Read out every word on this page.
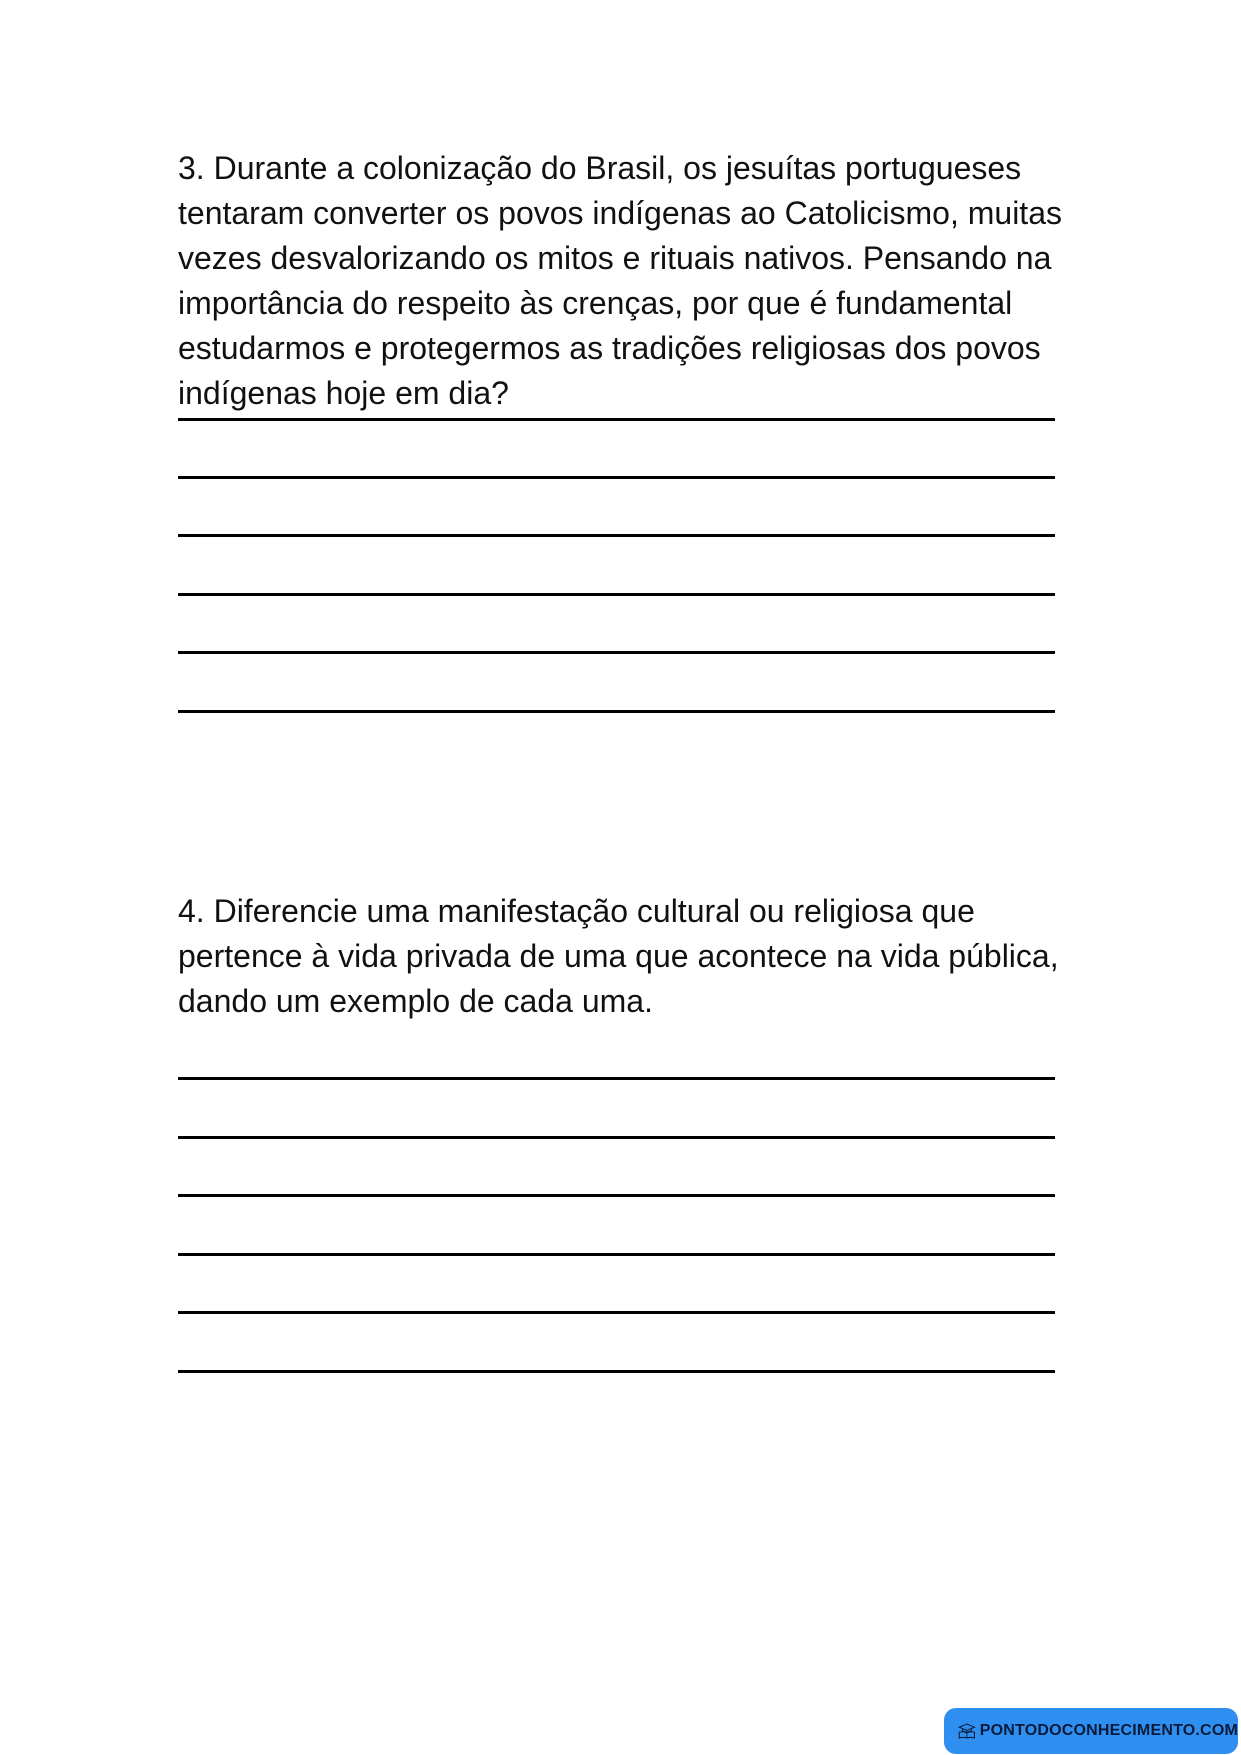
3. Durante a colonização do Brasil, os jesuítas portugueses tentaram converter os povos indígenas ao Catolicismo, muitas vezes desvalorizando os mitos e rituais nativos. Pensando na importância do respeito às crenças, por que é fundamental estudarmos e protegermos as tradições religiosas dos povos indígenas hoje em dia?

4. Diferencie uma manifestação cultural ou religiosa que pertence à vida privada de uma que acontece na vida pública, dando um exemplo de cada uma.

PONTODOCONHECIMENTO.COM
